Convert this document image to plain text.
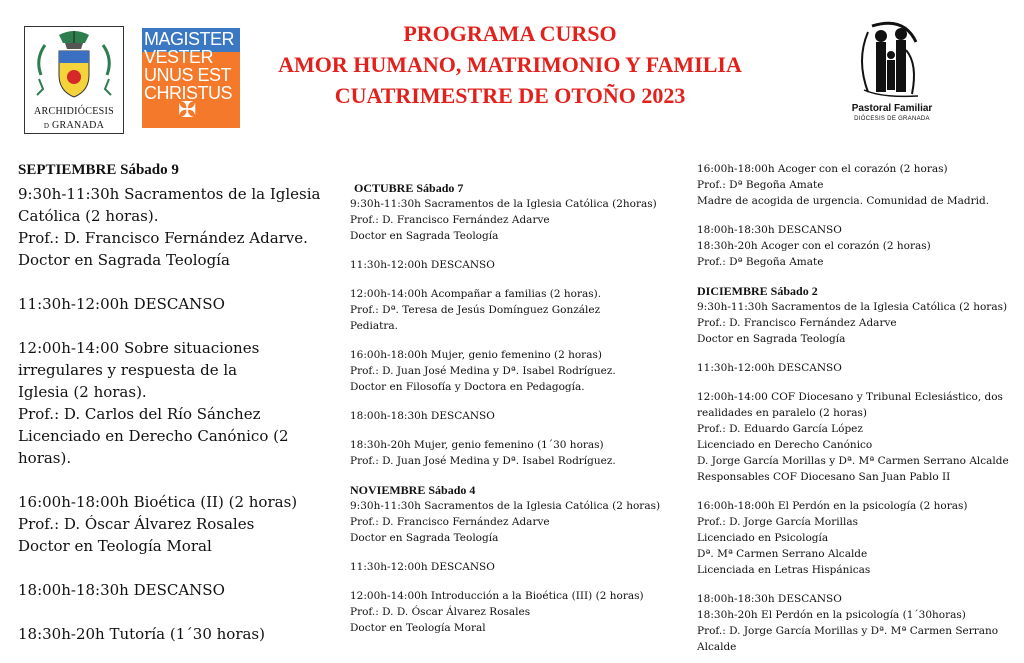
ARCHIDIÓCESIS
D GRANADA
MAGISTER
VESTER
UNUS EST
CHRISTUS
✠	Pastoral Familiar
DIÓCESIS DE GRANADA
PROGRAMA CURSO
AMOR HUMANO, MATRIMONIO Y FAMILIA
CUATRIMESTRE DE OTOÑO 2023
SEPTIEMBRE Sábado 9
9:30h-11:30h Sacramentos de la Iglesia
Católica (2 horas).
Prof.: D. Francisco Fernández Adarve.
Doctor en Sagrada Teología
11:30h-12:00h DESCANSO
12:00h-14:00 Sobre situaciones
irregulares y respuesta de la
Iglesia (2 horas).
Prof.: D. Carlos del Río Sánchez
Licenciado en Derecho Canónico (2
horas).
16:00h-18:00h Bioética (II) (2 horas)
Prof.: D. Óscar Álvarez Rosales
Doctor en Teología Moral
18:00h-18:30h DESCANSO
18:30h-20h Tutoría (1´30 horas)
OCTUBRE Sábado 7
9:30h-11:30h Sacramentos de la Iglesia Católica (2horas)
Prof.: D. Francisco Fernández Adarve
Doctor en Sagrada Teología
11:30h-12:00h DESCANSO
12:00h-14:00h Acompañar a familias (2 horas).
Prof.: Dª. Teresa de Jesús Domínguez González
Pediatra.
16:00h-18:00h Mujer, genio femenino (2 horas)
Prof.: D. Juan José Medina y Dª. Isabel Rodríguez.
Doctor en Filosofía y Doctora en Pedagogía.
18:00h-18:30h DESCANSO
18:30h-20h Mujer, genio femenino (1´30 horas)
Prof.: D. Juan José Medina y Dª. Isabel Rodríguez.
NOVIEMBRE Sábado 4
9:30h-11:30h Sacramentos de la Iglesia Católica (2 horas)
Prof.: D. Francisco Fernández Adarve
Doctor en Sagrada Teología
11:30h-12:00h DESCANSO
12:00h-14:00h Introducción a la Bioética (III) (2 horas)
Prof.: D. D. Óscar Álvarez Rosales
Doctor en Teología Moral
16:00h-18:00h Acoger con el corazón (2 horas)
Prof.: Dª Begoña Amate
Madre de acogida de urgencia. Comunidad de Madrid.
18:00h-18:30h DESCANSO
18:30h-20h Acoger con el corazón (2 horas)
Prof.: Dª Begoña Amate
DICIEMBRE Sábado 2
9:30h-11:30h Sacramentos de la Iglesia Católica (2 horas)
Prof.: D. Francisco Fernández Adarve
Doctor en Sagrada Teología
11:30h-12:00h DESCANSO
12:00h-14:00 COF Diocesano y Tribunal Eclesiástico, dos
realidades en paralelo (2 horas)
Prof.: D. Eduardo García López
Licenciado en Derecho Canónico
D. Jorge García Morillas y Dª. Mª Carmen Serrano Alcalde
Responsables COF Diocesano San Juan Pablo II
16:00h-18:00h El Perdón en la psicología (2 horas)
Prof.: D. Jorge García Morillas
Licenciado en Psicología
Dª. Mª Carmen Serrano Alcalde
Licenciada en Letras Hispánicas
18:00h-18:30h DESCANSO
18:30h-20h El Perdón en la psicología (1´30horas)
Prof.: D. Jorge García Morillas y Dª. Mª Carmen Serrano
Alcalde
